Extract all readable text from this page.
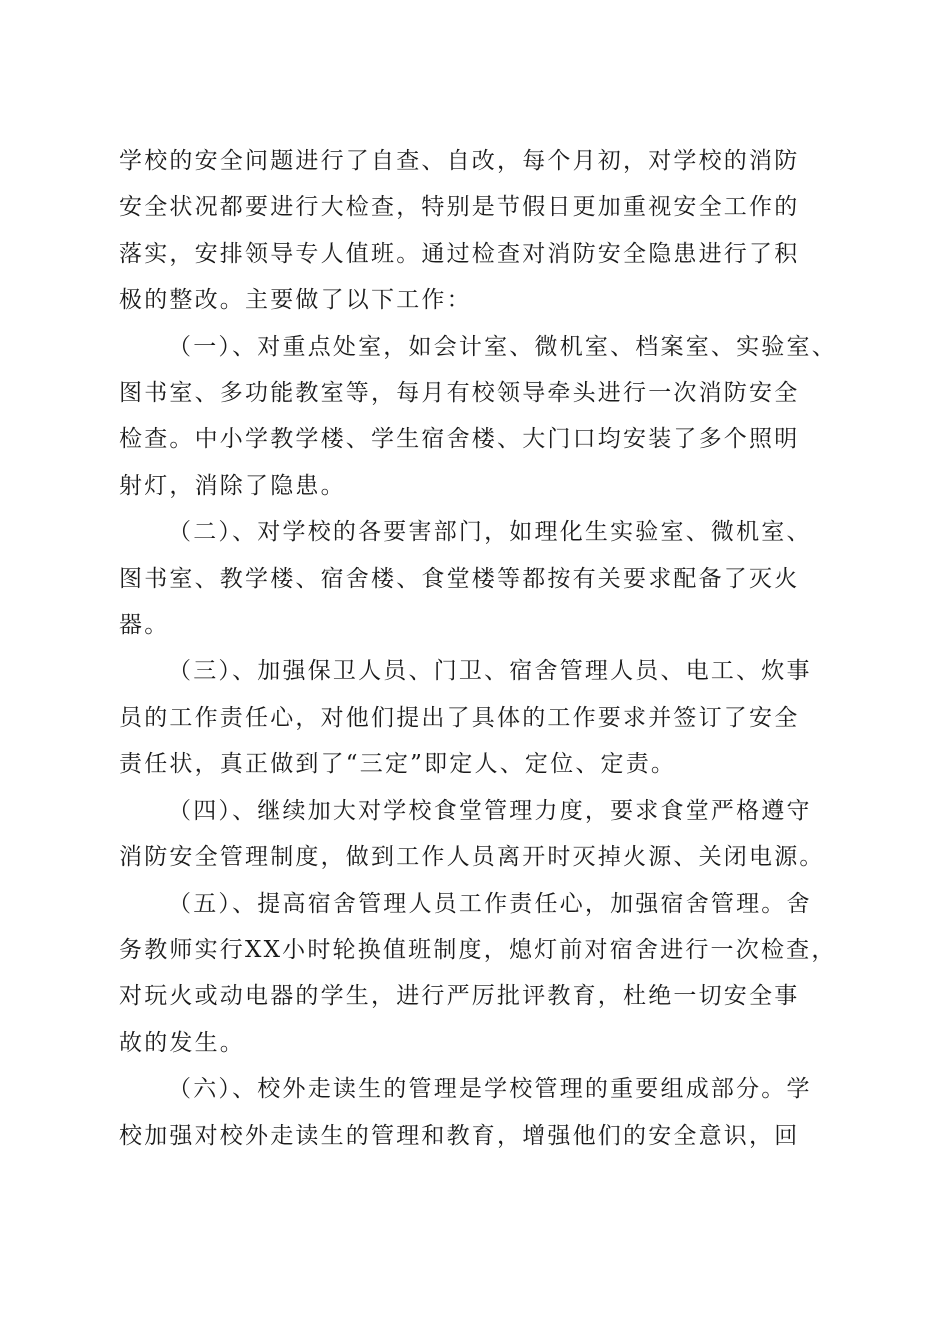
学校的安全问题进行了自查、自改，每个月初，对学校的消防
安全状况都要进行大检查，特别是节假日更加重视安全工作的
落实，安排领导专人值班。通过检查对消防安全隐患进行了积
极的整改。主要做了以下工作：

（一）、对重点处室，如会计室、微机室、档案室、实验室、
图书室、多功能教室等，每月有校领导牵头进行一次消防安全
检查。中小学教学楼、学生宿舍楼、大门口均安装了多个照明
射灯，消除了隐患。

（二）、对学校的各要害部门，如理化生实验室、微机室、
图书室、教学楼、宿舍楼、食堂楼等都按有关要求配备了灭火
器。

（三）、加强保卫人员、门卫、宿舍管理人员、电工、炊事
员的工作责任心，对他们提出了具体的工作要求并签订了安全
责任状，真正做到了“三定”即定人、定位、定责。

（四）、继续加大对学校食堂管理力度，要求食堂严格遵守
消防安全管理制度，做到工作人员离开时灭掉火源、关闭电源。

（五）、提高宿舍管理人员工作责任心，加强宿舍管理。舍
务教师实行XX小时轮换值班制度，熄灯前对宿舍进行一次检查，
对玩火或动电器的学生，进行严厉批评教育，杜绝一切安全事
故的发生。

（六）、校外走读生的管理是学校管理的重要组成部分。学
校加强对校外走读生的管理和教育，增强他们的安全意识，回
